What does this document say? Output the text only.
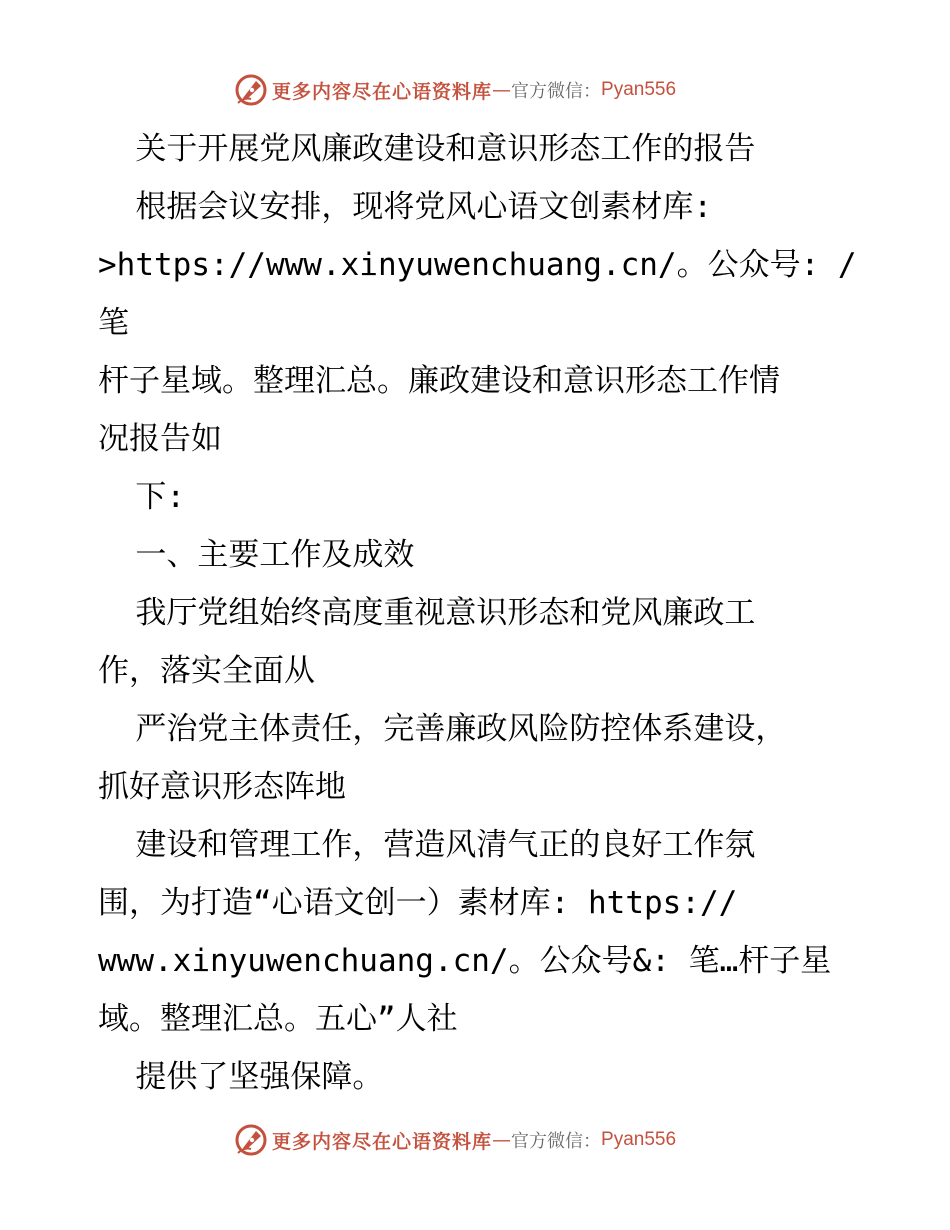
更多内容尽在心语资料库 — 官方微信： Pyan556

关于开展党风廉政建设和意识形态工作的报告

根据会议安排，现将党风心语文创素材库:

>https://www.xinyuwenchuang.cn/。公众号: /笔

杆子星域。整理汇总。廉政建设和意识形态工作情

况报告如

下:

一、主要工作及成效

我厅党组始终高度重视意识形态和党风廉政工

作，落实全面从

严治党主体责任，完善廉政风险防控体系建设，

抓好意识形态阵地

建设和管理工作，营造风清气正的良好工作氛

围，为打造“心语文创一）素材库: https://

www.xinyuwenchuang.cn/。公众号&: 笔…杆子星

域。整理汇总。五心”人社

提供了坚强保障。

更多内容尽在心语资料库 — 官方微信： Pyan556
